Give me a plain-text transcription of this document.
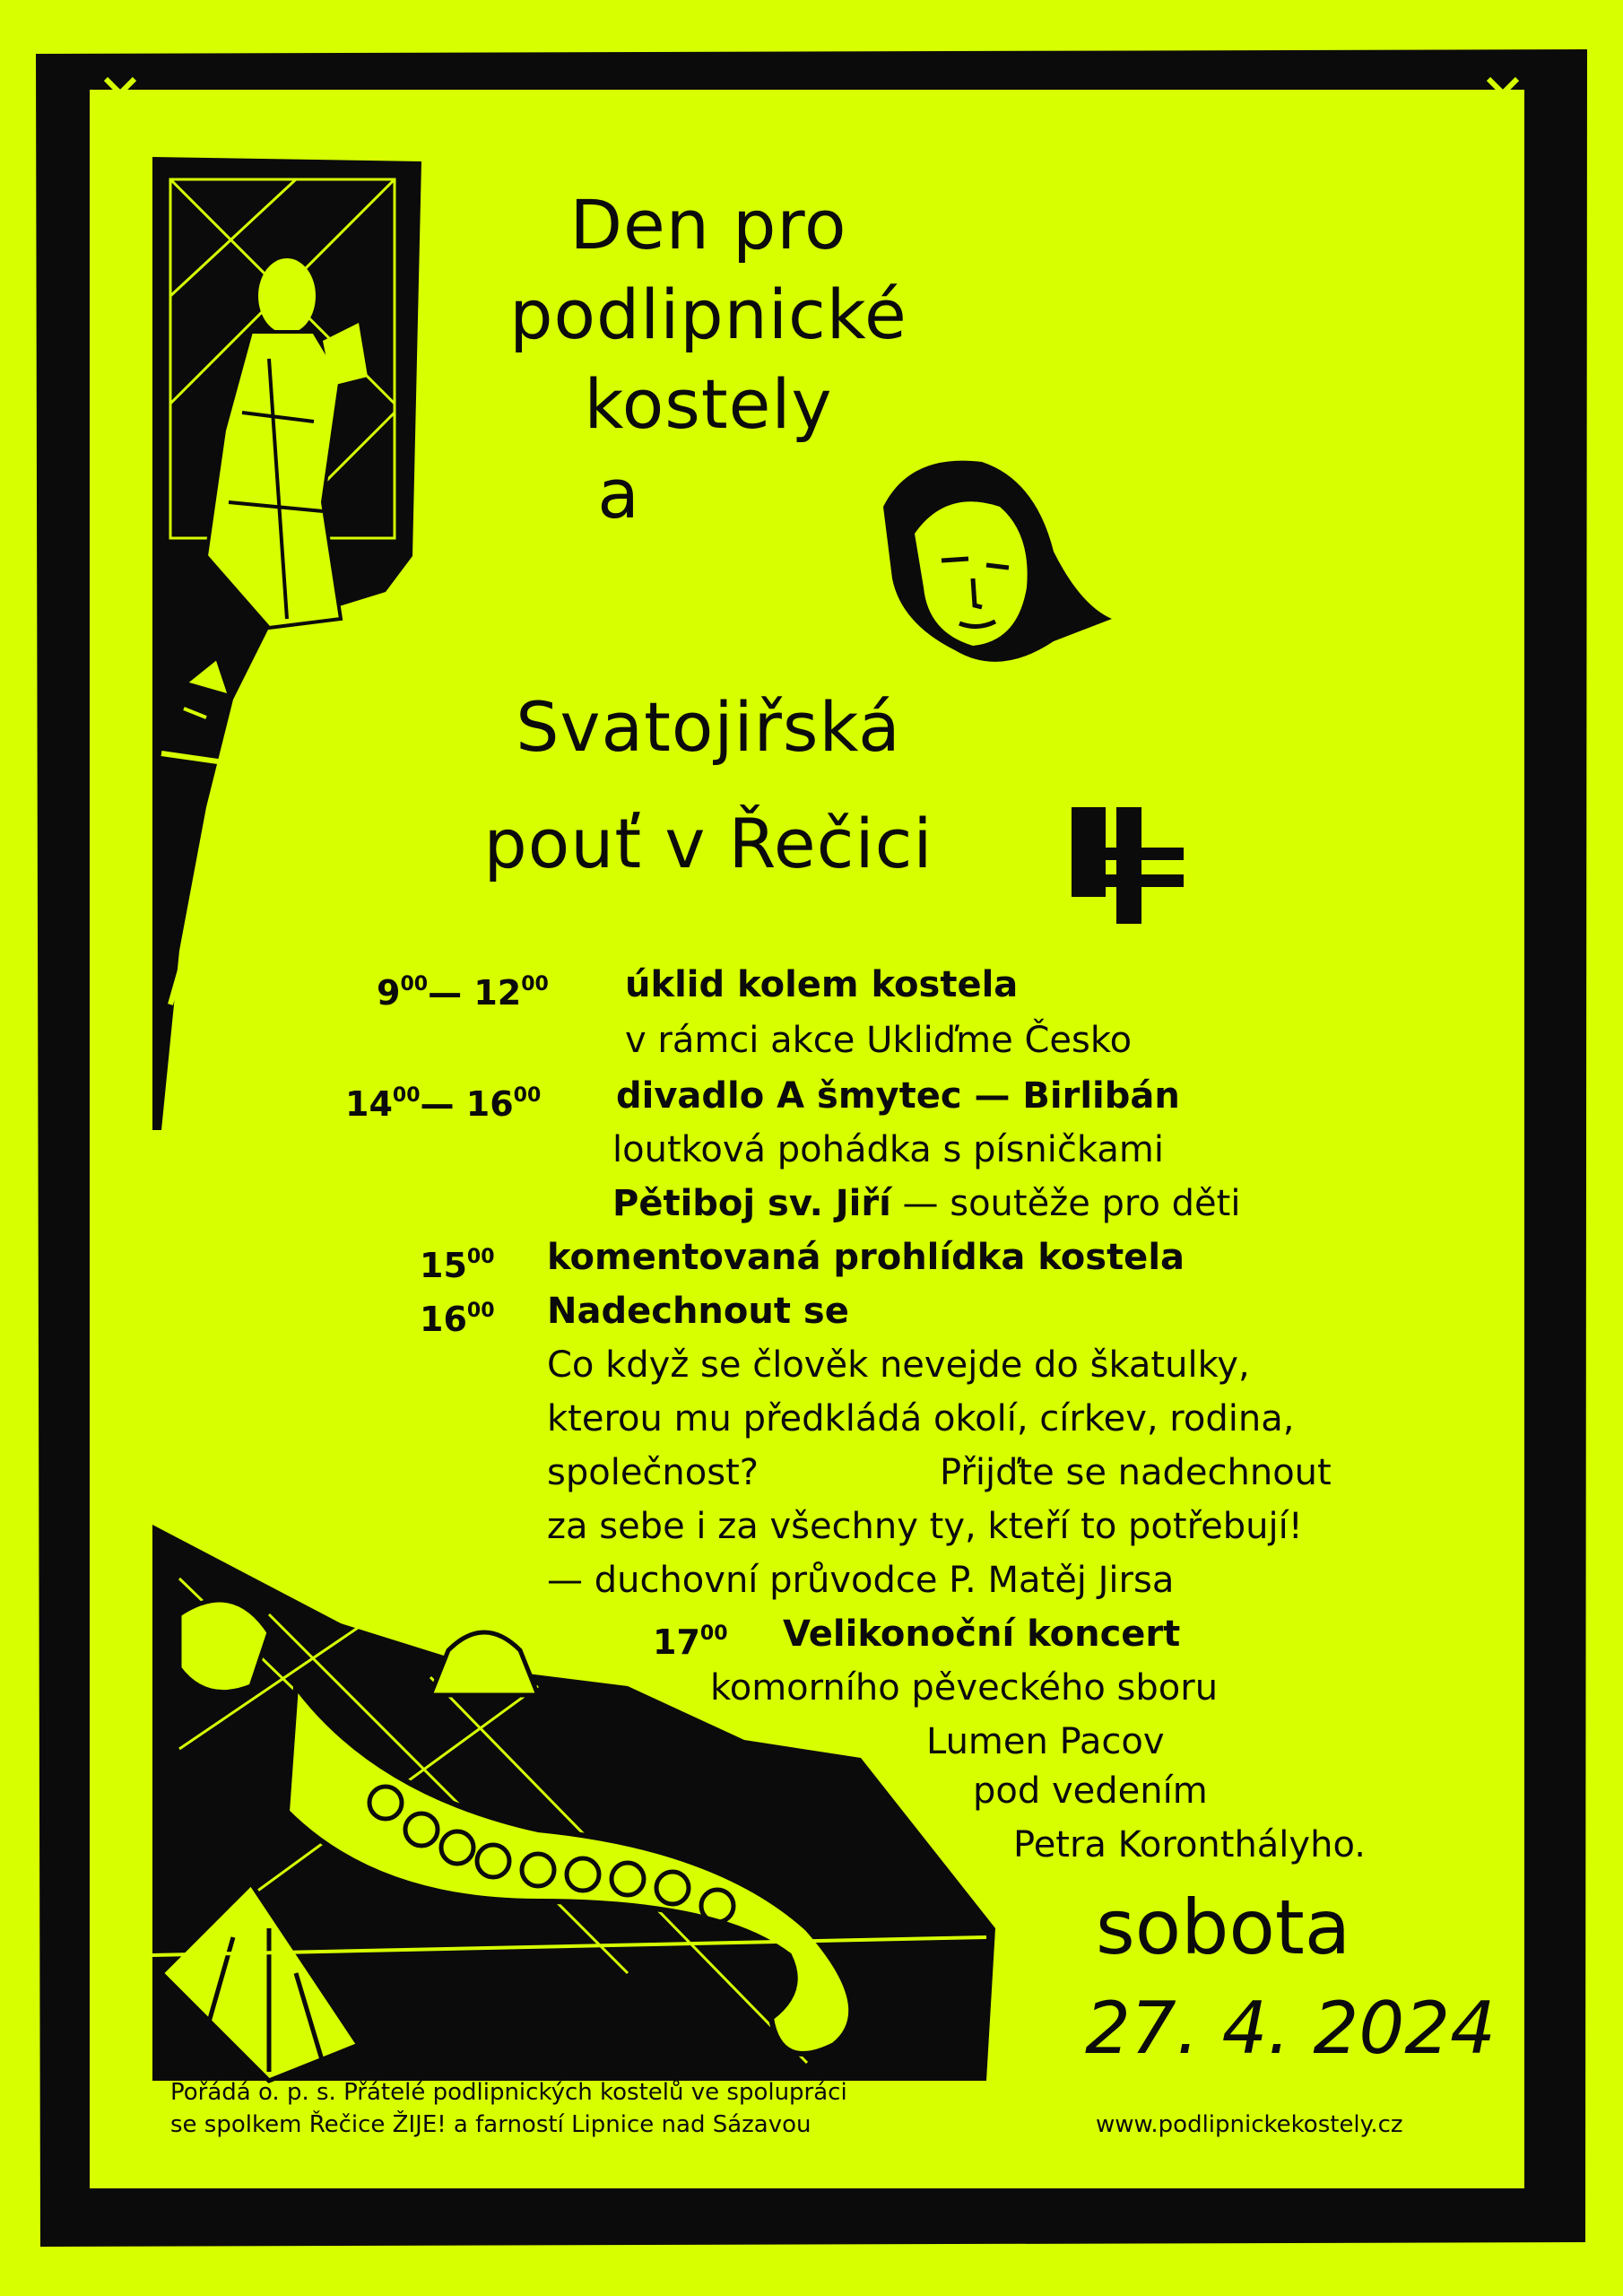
Den pro
podlipnické
kostely
a
Svatojiřská
pouť v Řečici
$9^{00}—$ $12^{00}$ úklid kolem kostela
v rámci akce Ukliďme Česko
$14^{00}—$ $16^{00}$ divadlo A šmytec — Birlibán
loutková pohádka s písničkami
Pětiboj sv. Jiří — soutěže pro děti
$15^{00}$ komentovaná prohlídka kostela
$16^{00}$ Nadechnout se
Co když se člověk nevejde do škatulky,
kterou mu předkládá okolí, církev, rodina,
společnost?	Přijďte se nadechnout
za sebe i za všechny ty, kteří to potřebují!
— duchovní průvodce P. Matěj Jirsa
$17^{00}$ Velikonoční koncert
komorního pěveckého sboru
Lumen Pacov
pod vedením
Petra Koronthályho.
sobota
27. 4. 2024
Pořádá o. p. s. Přátelé podlipnických kostelů ve spolupráci
se spolkem Řečice ŽIJE! a farností Lipnice nad Sázavou	www.podlipnickekostely.cz
